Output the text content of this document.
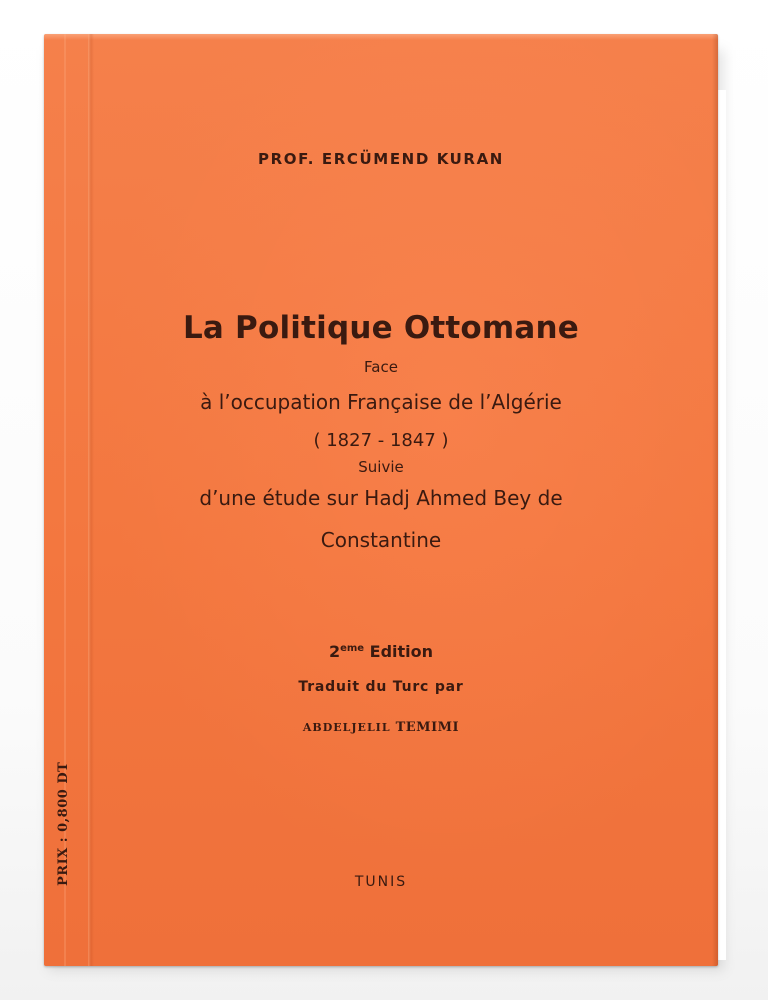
PROF. ERCÜMEND KURAN
La Politique Ottomane
Face
à l’occupation Française de l’Algérie
( 1827 - 1847 )
Suivie
d’une étude sur Hadj Ahmed Bey de
Constantine
2eme Edition
Traduit du Turc par
ABDELJELIL TEMIMI
TUNIS
PRIX : 0,800 DT
